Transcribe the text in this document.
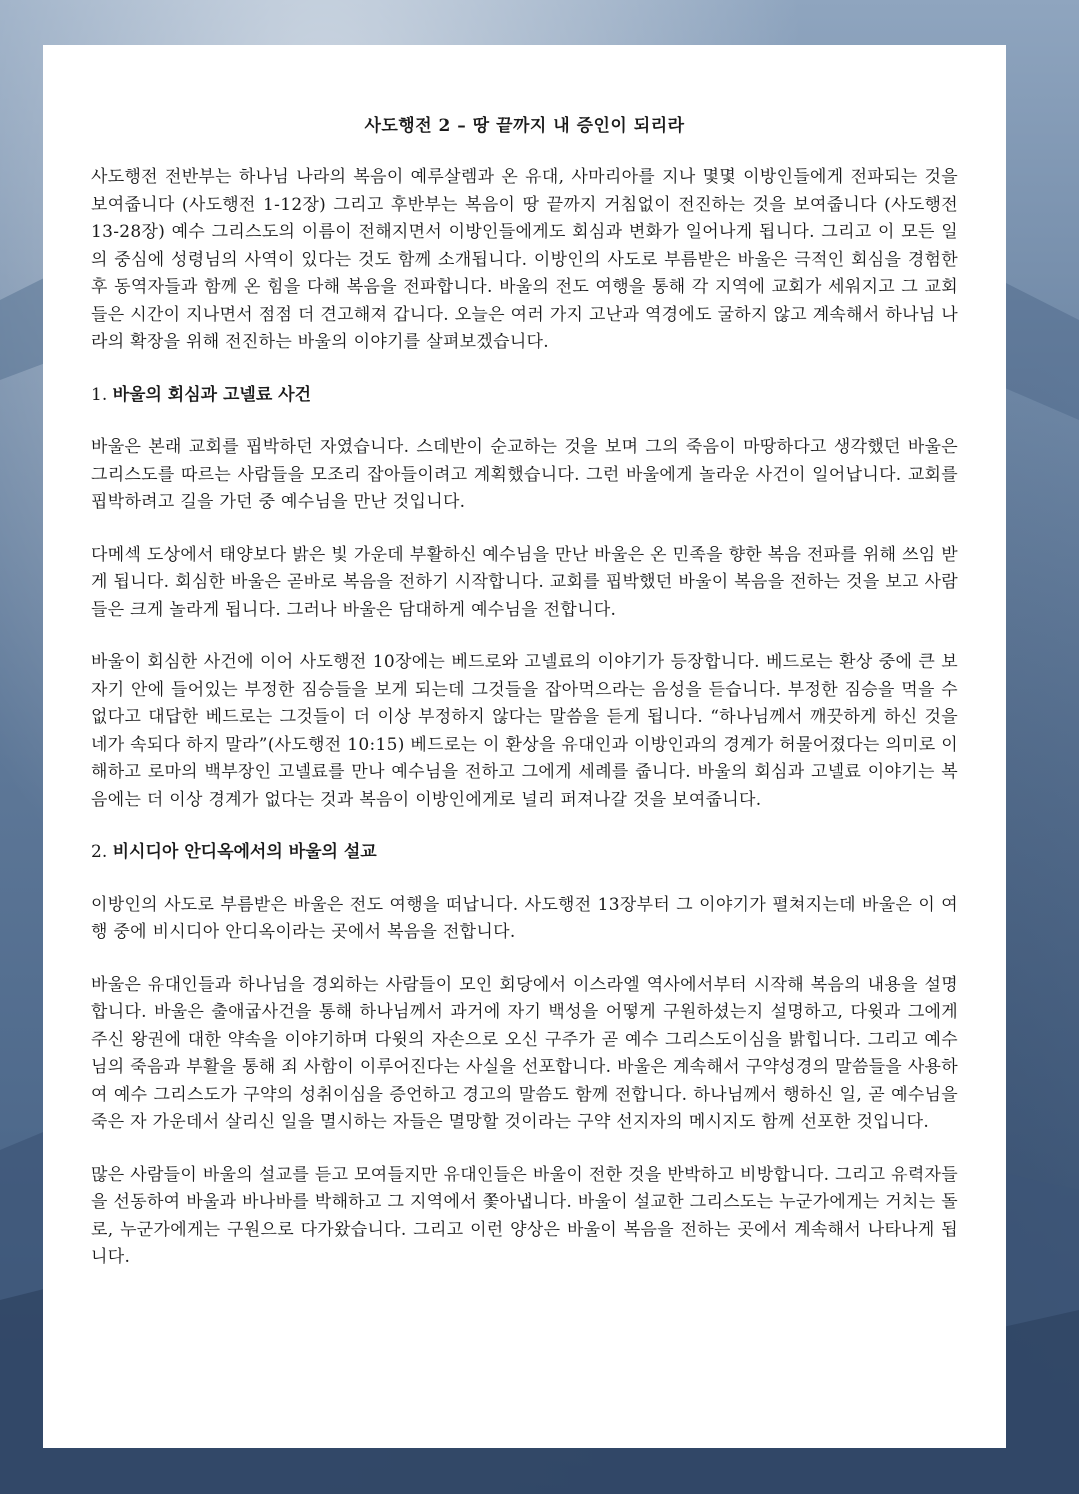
사도행전 2 – 땅 끝까지 내 증인이 되리라

사도행전 전반부는 하나님 나라의 복음이 예루살렘과 온 유대, 사마리아를 지나 몇몇 이방인들에게 전파되는 것을 보여줍니다 (사도행전 1-12장) 그리고 후반부는 복음이 땅 끝까지 거침없이 전진하는 것을 보여줍니다 (사도행전 13-28장) 예수 그리스도의 이름이 전해지면서 이방인들에게도 회심과 변화가 일어나게 됩니다. 그리고 이 모든 일의 중심에 성령님의 사역이 있다는 것도 함께 소개됩니다. 이방인의 사도로 부름받은 바울은 극적인 회심을 경험한 후 동역자들과 함께 온 힘을 다해 복음을 전파합니다. 바울의 전도 여행을 통해 각 지역에 교회가 세워지고 그 교회들은 시간이 지나면서 점점 더 견고해져 갑니다. 오늘은 여러 가지 고난과 역경에도 굴하지 않고 계속해서 하나님 나라의 확장을 위해 전진하는 바울의 이야기를 살펴보겠습니다.

1. 바울의 회심과 고넬료 사건

바울은 본래 교회를 핍박하던 자였습니다. 스데반이 순교하는 것을 보며 그의 죽음이 마땅하다고 생각했던 바울은 그리스도를 따르는 사람들을 모조리 잡아들이려고 계획했습니다. 그런 바울에게 놀라운 사건이 일어납니다. 교회를 핍박하려고 길을 가던 중 예수님을 만난 것입니다.

다메섹 도상에서 태양보다 밝은 빛 가운데 부활하신 예수님을 만난 바울은 온 민족을 향한 복음 전파를 위해 쓰임 받게 됩니다. 회심한 바울은 곧바로 복음을 전하기 시작합니다. 교회를 핍박했던 바울이 복음을 전하는 것을 보고 사람들은 크게 놀라게 됩니다. 그러나 바울은 담대하게 예수님을 전합니다.

바울이 회심한 사건에 이어 사도행전 10장에는 베드로와 고넬료의 이야기가 등장합니다. 베드로는 환상 중에 큰 보자기 안에 들어있는 부정한 짐승들을 보게 되는데 그것들을 잡아먹으라는 음성을 듣습니다. 부정한 짐승을 먹을 수 없다고 대답한 베드로는 그것들이 더 이상 부정하지 않다는 말씀을 듣게 됩니다. “하나님께서 깨끗하게 하신 것을 네가 속되다 하지 말라”(사도행전 10:15) 베드로는 이 환상을 유대인과 이방인과의 경계가 허물어졌다는 의미로 이해하고 로마의 백부장인 고넬료를 만나 예수님을 전하고 그에게 세례를 줍니다. 바울의 회심과 고넬료 이야기는 복음에는 더 이상 경계가 없다는 것과 복음이 이방인에게로 널리 퍼져나갈 것을 보여줍니다.

2. 비시디아 안디옥에서의 바울의 설교

이방인의 사도로 부름받은 바울은 전도 여행을 떠납니다. 사도행전 13장부터 그 이야기가 펼쳐지는데 바울은 이 여행 중에 비시디아 안디옥이라는 곳에서 복음을 전합니다.

바울은 유대인들과 하나님을 경외하는 사람들이 모인 회당에서 이스라엘 역사에서부터 시작해 복음의 내용을 설명합니다. 바울은 출애굽사건을 통해 하나님께서 과거에 자기 백성을 어떻게 구원하셨는지 설명하고, 다윗과 그에게 주신 왕권에 대한 약속을 이야기하며 다윗의 자손으로 오신 구주가 곧 예수 그리스도이심을 밝힙니다. 그리고 예수님의 죽음과 부활을 통해 죄 사함이 이루어진다는 사실을 선포합니다. 바울은 계속해서 구약성경의 말씀들을 사용하여 예수 그리스도가 구약의 성취이심을 증언하고 경고의 말씀도 함께 전합니다. 하나님께서 행하신 일, 곧 예수님을 죽은 자 가운데서 살리신 일을 멸시하는 자들은 멸망할 것이라는 구약 선지자의 메시지도 함께 선포한 것입니다.

많은 사람들이 바울의 설교를 듣고 모여들지만 유대인들은 바울이 전한 것을 반박하고 비방합니다. 그리고 유력자들을 선동하여 바울과 바나바를 박해하고 그 지역에서 쫓아냅니다. 바울이 설교한 그리스도는 누군가에게는 거치는 돌로, 누군가에게는 구원으로 다가왔습니다. 그리고 이런 양상은 바울이 복음을 전하는 곳에서 계속해서 나타나게 됩니다.
